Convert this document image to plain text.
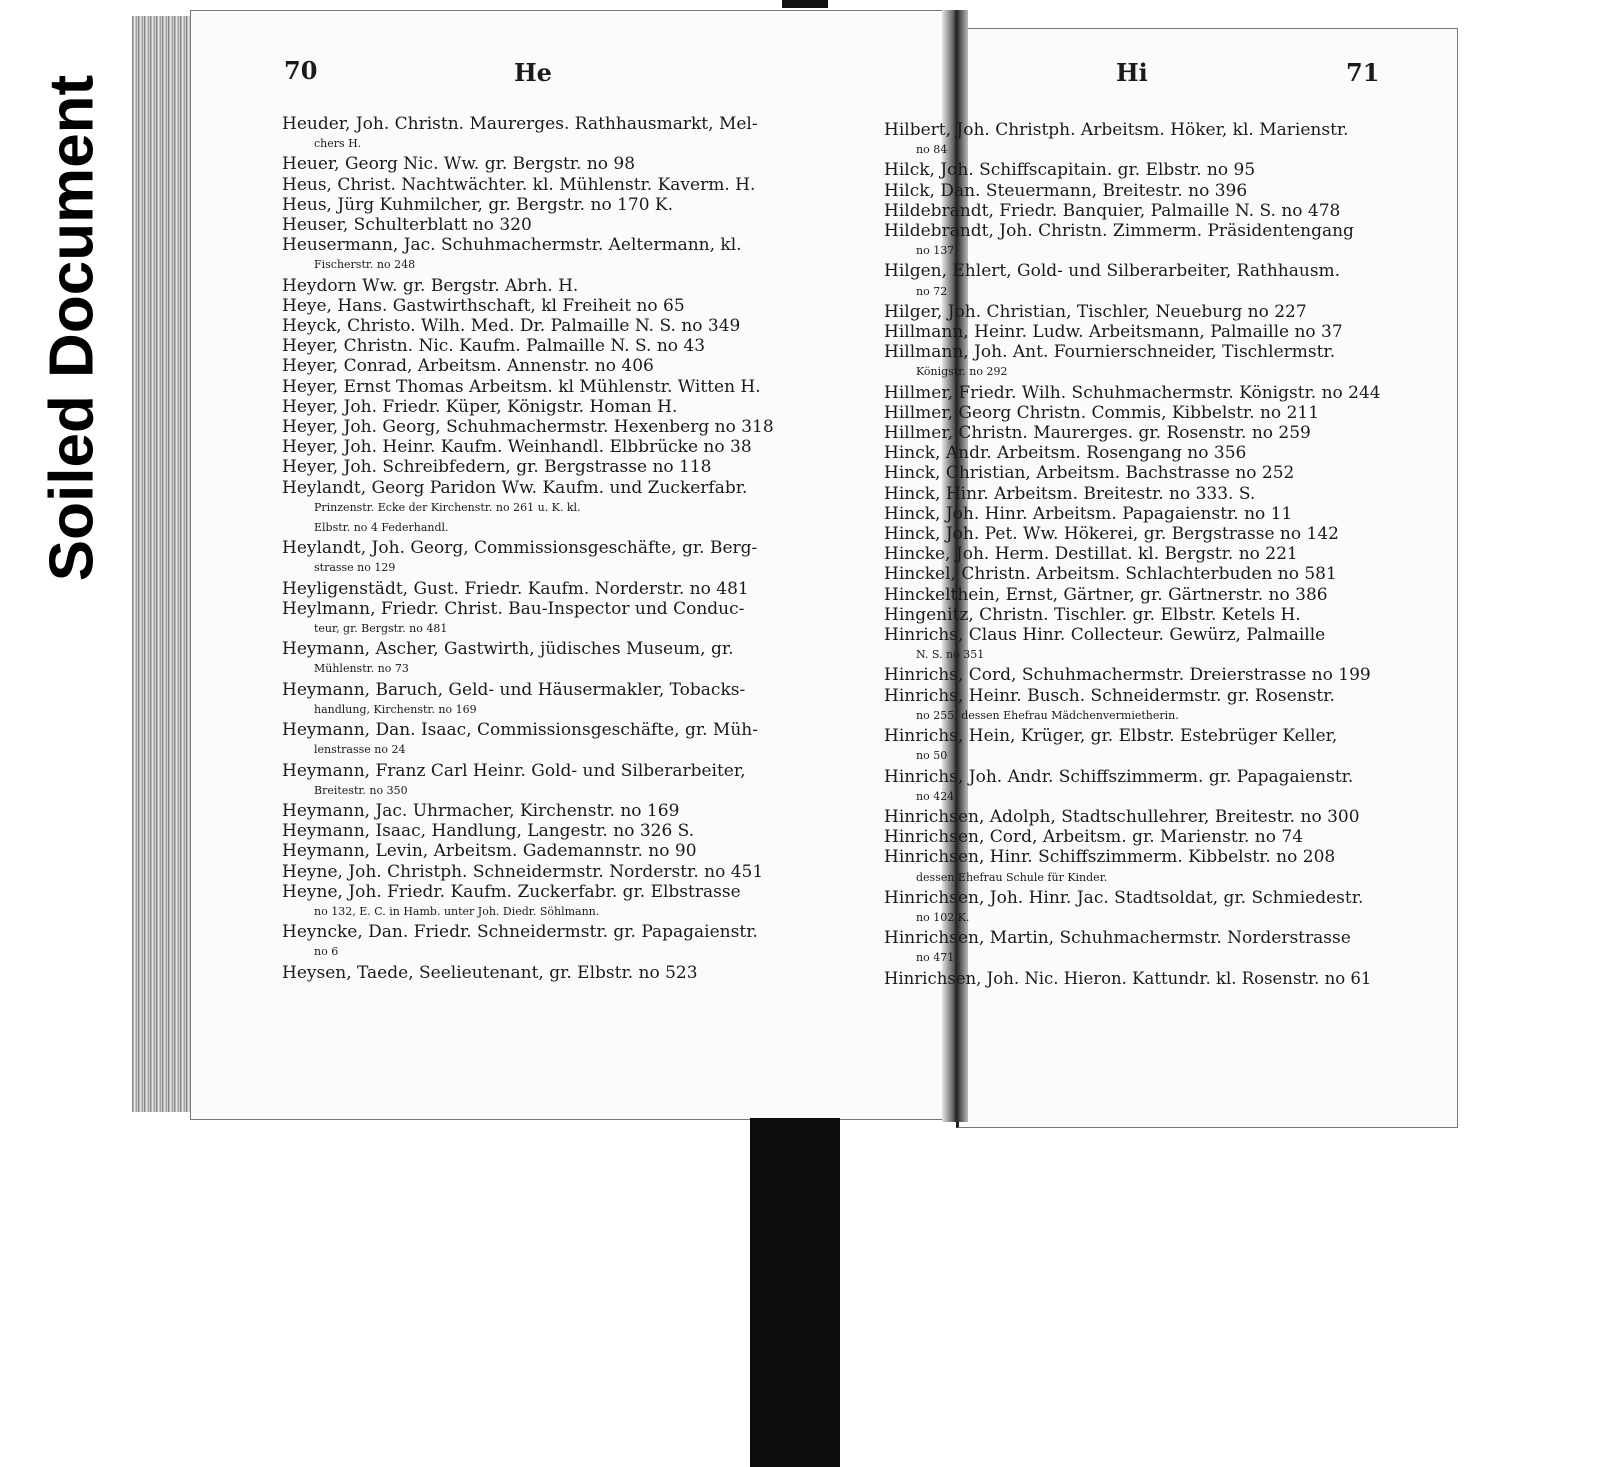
Soiled Document
70	He	Hi	71
Heuder, Joh. Christn. Maurerges. Rathhausmarkt, Mel-
chers H.
Heuer, Georg Nic. Ww. gr. Bergstr. no 98
Heus, Christ. Nachtwächter. kl. Mühlenstr. Kaverm. H.
Heus, Jürg Kuhmilcher, gr. Bergstr. no 170 K.
Heuser, Schulterblatt no 320
Heusermann, Jac. Schuhmachermstr. Aeltermann, kl.
Fischerstr. no 248
Heydorn Ww. gr. Bergstr. Abrh. H.
Heye, Hans. Gastwirthschaft, kl Freiheit no 65
Heyck, Christo. Wilh. Med. Dr. Palmaille N. S. no 349
Heyer, Christn. Nic. Kaufm. Palmaille N. S. no 43
Heyer, Conrad, Arbeitsm. Annenstr. no 406
Heyer, Ernst Thomas Arbeitsm. kl Mühlenstr. Witten H.
Heyer, Joh. Friedr. Küper, Königstr. Homan H.
Heyer, Joh. Georg, Schuhmachermstr. Hexenberg no 318
Heyer, Joh. Heinr. Kaufm. Weinhandl. Elbbrücke no 38
Heyer, Joh. Schreibfedern, gr. Bergstrasse no 118
Heylandt, Georg Paridon Ww. Kaufm. und Zuckerfabr.
Prinzenstr. Ecke der Kirchenstr. no 261 u. K. kl.
Elbstr. no 4 Federhandl.
Heylandt, Joh. Georg, Commissionsgeschäfte, gr. Berg-
strasse no 129
Heyligenstädt, Gust. Friedr. Kaufm. Norderstr. no 481
Heylmann, Friedr. Christ. Bau-Inspector und Conduc-
teur, gr. Bergstr. no 481
Heymann, Ascher, Gastwirth, jüdisches Museum, gr.
Mühlenstr. no 73
Heymann, Baruch, Geld- und Häusermakler, Tobacks-
handlung, Kirchenstr. no 169
Heymann, Dan. Isaac, Commissionsgeschäfte, gr. Müh-
lenstrasse no 24
Heymann, Franz Carl Heinr. Gold- und Silberarbeiter,
Breitestr. no 350
Heymann, Jac. Uhrmacher, Kirchenstr. no 169
Heymann, Isaac, Handlung, Langestr. no 326 S.
Heymann, Levin, Arbeitsm. Gademannstr. no 90
Heyne, Joh. Christph. Schneidermstr. Norderstr. no 451
Heyne, Joh. Friedr. Kaufm. Zuckerfabr. gr. Elbstrasse
no 132, E. C. in Hamb. unter Joh. Diedr. Söhlmann.
Heyncke, Dan. Friedr. Schneidermstr. gr. Papagaienstr.
no 6
Heysen, Taede, Seelieutenant, gr. Elbstr. no 523
Hilbert, Joh. Christph. Arbeitsm. Höker, kl. Marienstr.
no 84
Hilck, Joh. Schiffscapitain. gr. Elbstr. no 95
Hilck, Dan. Steuermann, Breitestr. no 396
Hildebrandt, Friedr. Banquier, Palmaille N. S. no 478
Hildebrandt, Joh. Christn. Zimmerm. Präsidentengang
no 137
Hilgen, Ehlert, Gold- und Silberarbeiter, Rathhausm.
no 72
Hilger, Joh. Christian, Tischler, Neueburg no 227
Hillmann, Heinr. Ludw. Arbeitsmann, Palmaille no 37
Hillmann, Joh. Ant. Fournierschneider, Tischlermstr.
Königstr. no 292
Hillmer, Friedr. Wilh. Schuhmachermstr. Königstr. no 244
Hillmer, Georg Christn. Commis, Kibbelstr. no 211
Hillmer, Christn. Maurerges. gr. Rosenstr. no 259
Hinck, Andr. Arbeitsm. Rosengang no 356
Hinck, Christian, Arbeitsm. Bachstrasse no 252
Hinck, Hinr. Arbeitsm. Breitestr. no 333. S.
Hinck, Joh. Hinr. Arbeitsm. Papagaienstr. no 11
Hinck, Joh. Pet. Ww. Hökerei, gr. Bergstrasse no 142
Hincke, Joh. Herm. Destillat. kl. Bergstr. no 221
Hinckel, Christn. Arbeitsm. Schlachterbuden no 581
Hinckelthein, Ernst, Gärtner, gr. Gärtnerstr. no 386
Hingenitz, Christn. Tischler. gr. Elbstr. Ketels H.
Hinrichs, Claus Hinr. Collecteur. Gewürz, Palmaille
N. S. no 351
Hinrichs, Cord, Schuhmachermstr. Dreierstrasse no 199
Hinrichs, Heinr. Busch. Schneidermstr. gr. Rosenstr.
no 255, dessen Ehefrau Mädchenvermietherin.
Hinrichs, Hein, Krüger, gr. Elbstr. Estebrüger Keller,
no 50
Hinrichs, Joh. Andr. Schiffszimmerm. gr. Papagaienstr.
no 424
Hinrichsen, Adolph, Stadtschullehrer, Breitestr. no 300
Hinrichsen, Cord, Arbeitsm. gr. Marienstr. no 74
Hinrichsen, Hinr. Schiffszimmerm. Kibbelstr. no 208
dessen Ehefrau Schule für Kinder.
Hinrichsen, Joh. Hinr. Jac. Stadtsoldat, gr. Schmiedestr.
no 102 K.
Hinrichsen, Martin, Schuhmachermstr. Norderstrasse
no 471
Hinrichsen, Joh. Nic. Hieron. Kattundr. kl. Rosenstr. no 61
